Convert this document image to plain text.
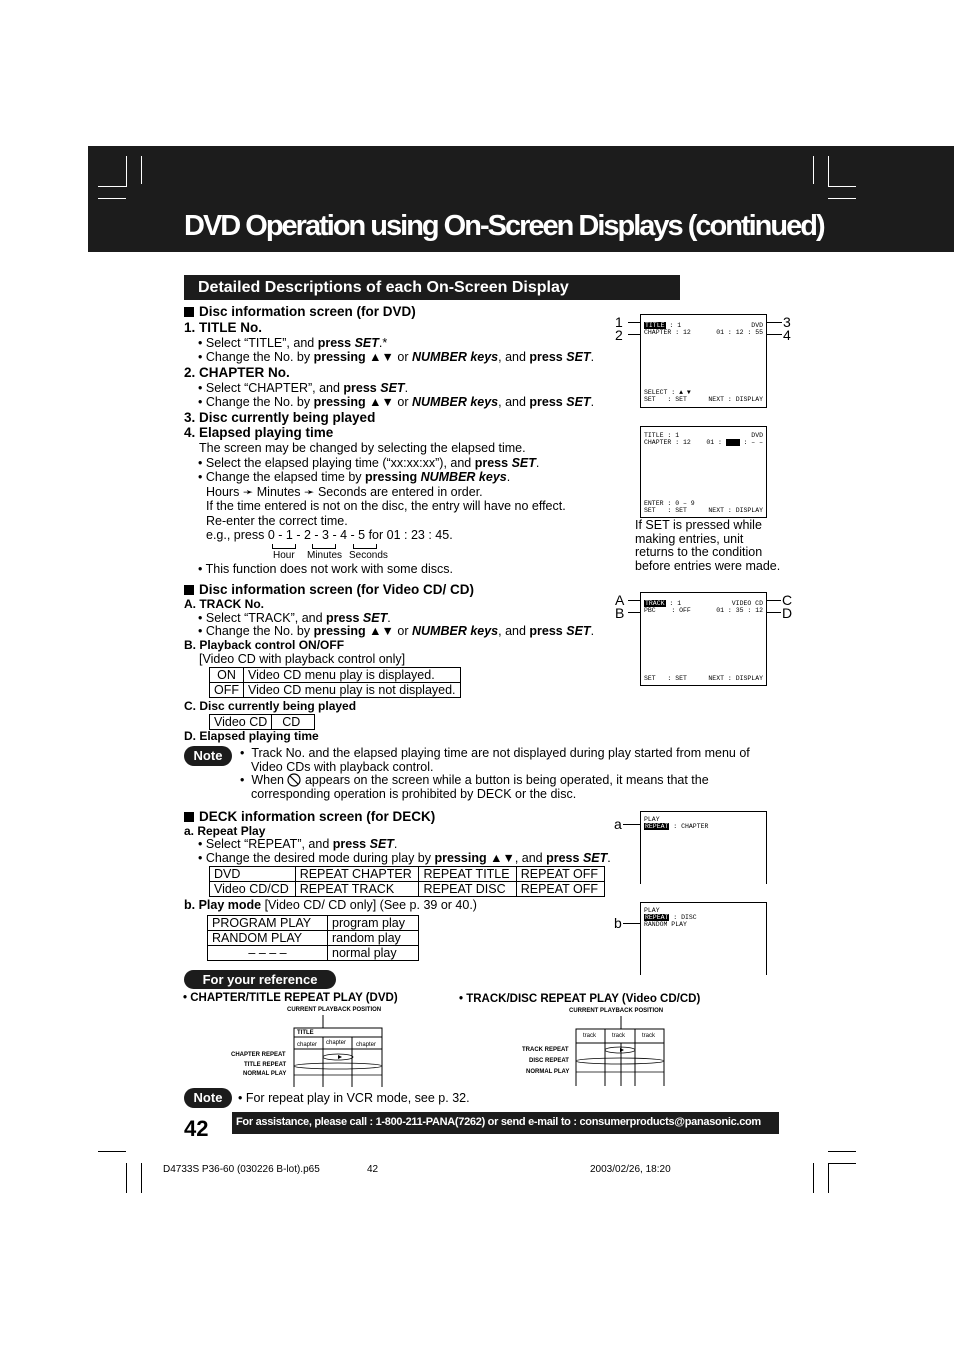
DVD Operation using On-Screen Displays (continued)
Detailed Descriptions of each On-Screen Display
Disc information screen (for DVD)
1. TITLE No.
• Select “TITLE”, and press SET.*
• Change the No. by pressing ▲▼ or NUMBER keys, and press SET.
2. CHAPTER No.
• Select “CHAPTER”, and press SET.
• Change the No. by pressing ▲▼ or NUMBER keys, and press SET.
3. Disc currently being played
4. Elapsed playing time
The screen may be changed by selecting the elapsed time.
• Select the elapsed playing time (“xx:xx:xx”), and press SET.
• Change the elapsed time by pressing NUMBER keys.
Hours ➛ Minutes ➛ Seconds are entered in order.
If the time entered is not on the disc, the entry will have no effect.
Re-enter the correct time.
e.g., press 0 - 1 - 2 - 3 - 4 - 5 for 01 : 23 : 45.
Hour Minutes Seconds
• This function does not work with some discs.
Disc information screen (for Video CD/ CD)
A. TRACK No.
• Select “TRACK”, and press SET.
• Change the No. by pressing ▲▼ or NUMBER keys, and press SET.
B. Playback control ON/OFF
[Video CD with playback control only]
ON	Video CD menu play is displayed.
OFF	Video CD menu play is not displayed.
C. Disc currently being played
Video CD	CD
D. Elapsed playing time
Note	•  Track No. and the elapsed playing time are not displayed during play started from menu of
Video CDs with playback control.
•  When appears on the screen while a button is being operated, it means that the
corresponding operation is prohibited by DECK or the disc.
DECK information screen (for DECK)
a. Repeat Play
• Select “REPEAT”, and press SET.
• Change the desired mode during play by pressing ▲▼, and press SET.
DVD	REPEAT CHAPTER	REPEAT TITLE	REPEAT OFF
Video CD/CD	REPEAT TRACK	REPEAT DISC	REPEAT OFF
b. Play mode [Video CD/ CD only] (See p. 39 or 40.)
PROGRAM PLAY	program play
RANDOM PLAY	random play
– – – –	normal play
1
2
3
4
TITLE : 1	DVD
CHAPTER : 12	01 : 12 : 55
SELECT : ▲ ▼
SET : SET	NEXT : DISPLAY
TITLE : 1	DVD
CHAPTER : 12 01 :	: – –
ENTER : 0 – 9
SET : SET	NEXT : DISPLAY
If SET is pressed while
making entries, unit
returns to the condition
before entries were made.
A
B
C
D
TRACK : 1	VIDEO CD
PBC : OFF	01 : 35 : 12
SET : SET	NEXT : DISPLAY
a	PLAY
REPEAT : CHAPTER
b
PLAY
REPEAT : DISC
RANDOM PLAY
For your reference
• CHAPTER/TITLE REPEAT PLAY (DVD)	• TRACK/DISC REPEAT PLAY (Video CD/CD)
CURRENT PLAYBACK POSITION
TITLE
chapter chapter chapter
CHAPTER REPEAT
TITLE REPEAT
NORMAL PLAY
CURRENT PLAYBACK POSITION
track	track	track
TRACK REPEAT
DISC REPEAT
NORMAL PLAY
Note	• For repeat play in VCR mode, see p. 32.
42	For assistance, please call : 1-800-211-PANA(7262) or send e-mail to : consumerproducts@panasonic.com
D4733S P36-60 (030226 B-lot).p65	42	2003/02/26, 18:20
